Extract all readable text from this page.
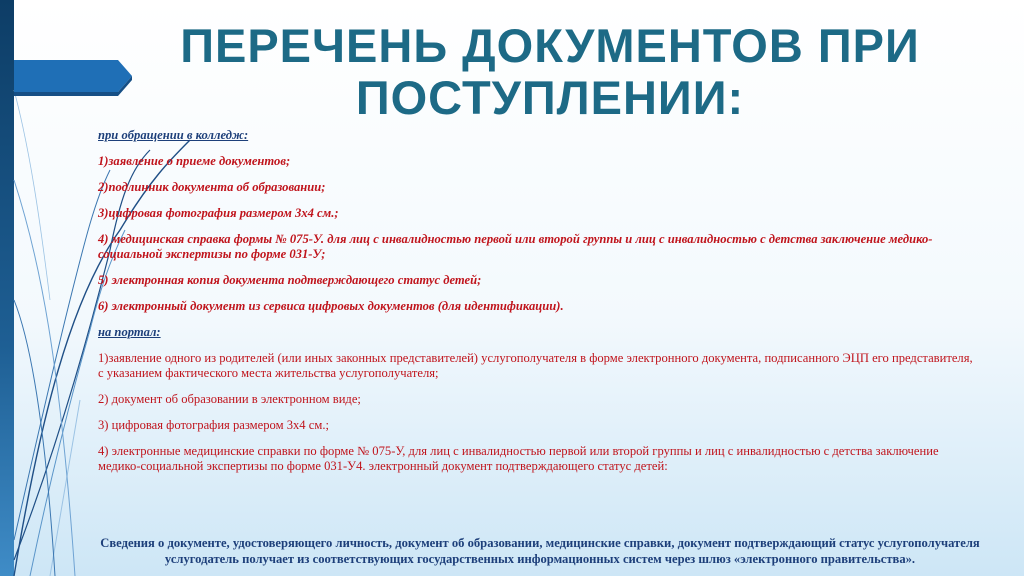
ПЕРЕЧЕНЬ ДОКУМЕНТОВ ПРИ ПОСТУПЛЕНИИ:

при обращении в колледж:

1)заявление о приеме документов;

2)подлинник документа об образовании;

3)цифровая фотография размером 3х4 см.;

4) медицинская справка формы № 075-У. для лиц с инвалидностью первой или второй группы и лиц с инвалидностью с детства заключение медико-социальной экспертизы по форме 031-У;

5) электронная копия документа подтверждающего статус детей;

6) электронный документ из сервиса цифровых документов (для идентификации).

на портал:

1)заявление одного из родителей (или иных законных представителей) услугополучателя в форме электронного документа, подписанного ЭЦП его представителя, с указанием фактического места жительства услугополучателя;

2) документ об образовании в электронном виде;

3) цифровая фотография размером 3х4 см.;

4) электронные медицинские справки по форме № 075-У, для лиц с инвалидностью первой или второй группы и лиц с инвалидностью с детства заключение медико-социальной экспертизы по форме 031-У4. электронный документ подтверждающего статус детей:

Сведения о документе, удостоверяющего личность, документ об образовании, медицинские справки, документ подтверждающий статус услугополучателя услугодатель получает из соответствующих государственных информационных систем через шлюз «электронного правительства».
